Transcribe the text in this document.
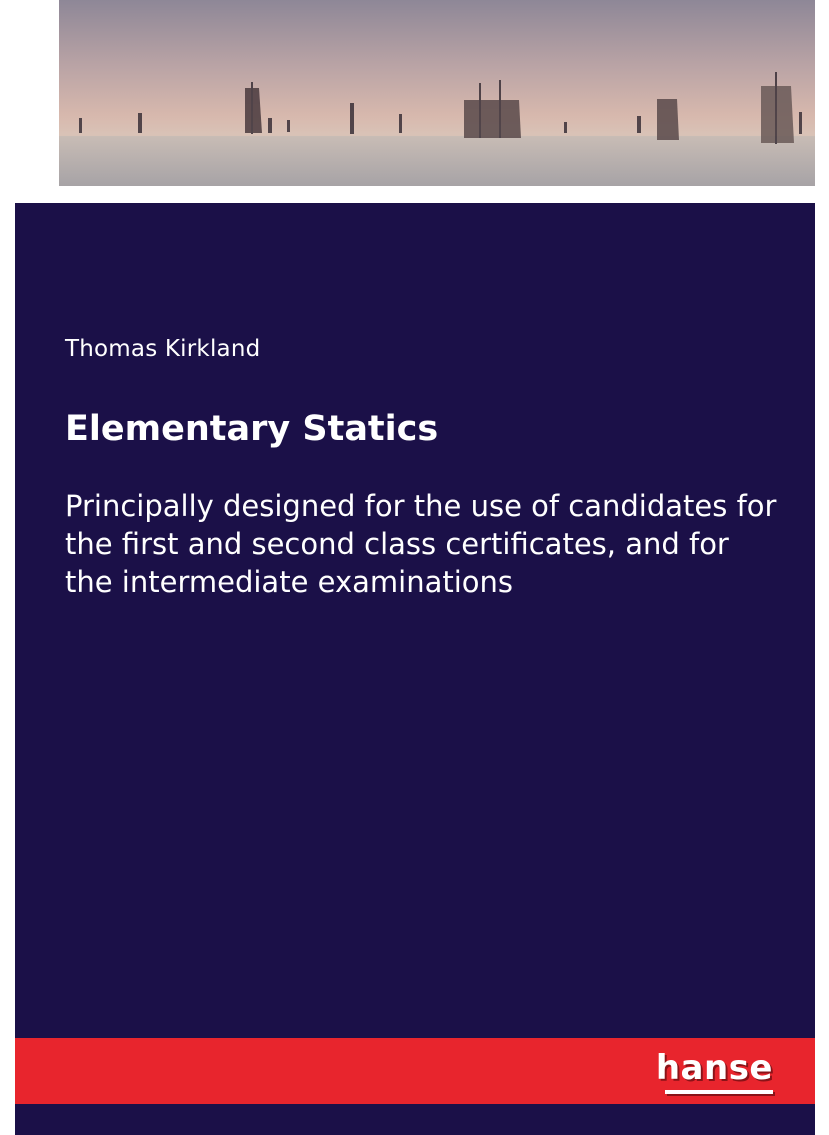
Thomas Kirkland

Elementary Statics

Principally designed for the use of candidates for the first and second class certificates, and for the intermediate examinations

hanse
